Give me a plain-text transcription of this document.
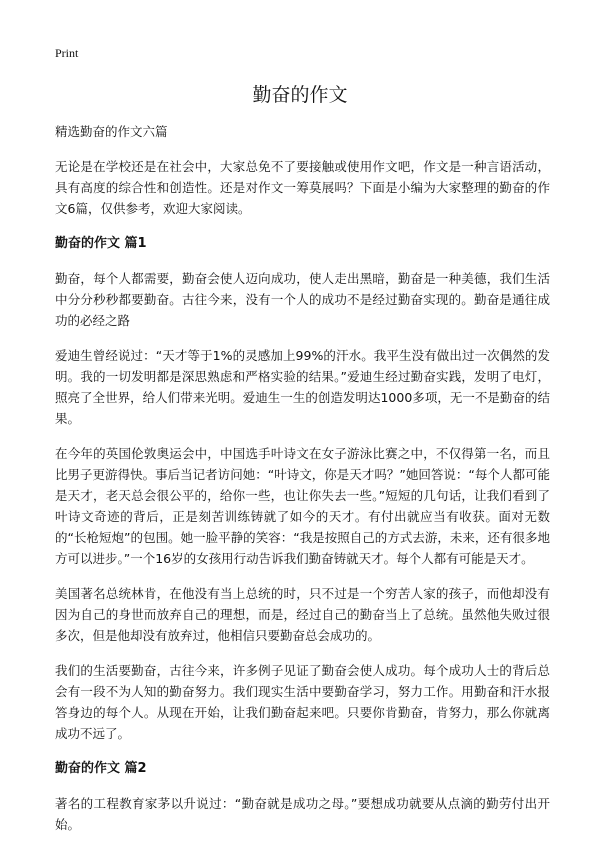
Print
勤奋的作文

精选勤奋的作文六篇

无论是在学校还是在社会中，大家总免不了要接触或使用作文吧，作文是一种言语活动，具有高度的综合性和创造性。还是对作文一筹莫展吗？下面是小编为大家整理的勤奋的作文6篇，仅供参考，欢迎大家阅读。

勤奋的作文 篇1

勤奋，每个人都需要，勤奋会使人迈向成功，使人走出黑暗，勤奋是一种美德，我们生活中分分秒秒都要勤奋。古往今来，没有一个人的成功不是经过勤奋实现的。勤奋是通往成功的必经之路

爱迪生曾经说过：“天才等于1%的灵感加上99%的汗水。我平生没有做出过一次偶然的发明。我的一切发明都是深思熟虑和严格实验的结果。”爱迪生经过勤奋实践，发明了电灯，照亮了全世界，给人们带来光明。爱迪生一生的创造发明达1000多项，无一不是勤奋的结果。

在今年的英国伦敦奥运会中，中国选手叶诗文在女子游泳比赛之中，不仅得第一名，而且比男子更游得快。事后当记者访问她：“叶诗文，你是天才吗？”她回答说：“每个人都可能是天才，老天总会很公平的，给你一些，也让你失去一些。”短短的几句话，让我们看到了叶诗文奇迹的背后，正是刻苦训练铸就了如今的天才。有付出就应当有收获。面对无数的“长枪短炮”的包围。她一脸平静的笑容：“我是按照自己的方式去游，未来，还有很多地方可以进步。”一个16岁的女孩用行动告诉我们勤奋铸就天才。每个人都有可能是天才。

美国著名总统林肯，在他没有当上总统的时，只不过是一个穷苦人家的孩子，而他却没有因为自己的身世而放弃自己的理想，而是，经过自己的勤奋当上了总统。虽然他失败过很多次，但是他却没有放弃过，他相信只要勤奋总会成功的。

我们的生活要勤奋，古往今来，许多例子见证了勤奋会使人成功。每个成功人士的背后总会有一段不为人知的勤奋努力。我们现实生活中要勤奋学习，努力工作。用勤奋和汗水报答身边的每个人。从现在开始，让我们勤奋起来吧。只要你肯勤奋，肯努力，那么你就离成功不远了。

勤奋的作文 篇2

著名的工程教育家茅以升说过：“勤奋就是成功之母。”要想成功就要从点滴的勤劳付出开始。
